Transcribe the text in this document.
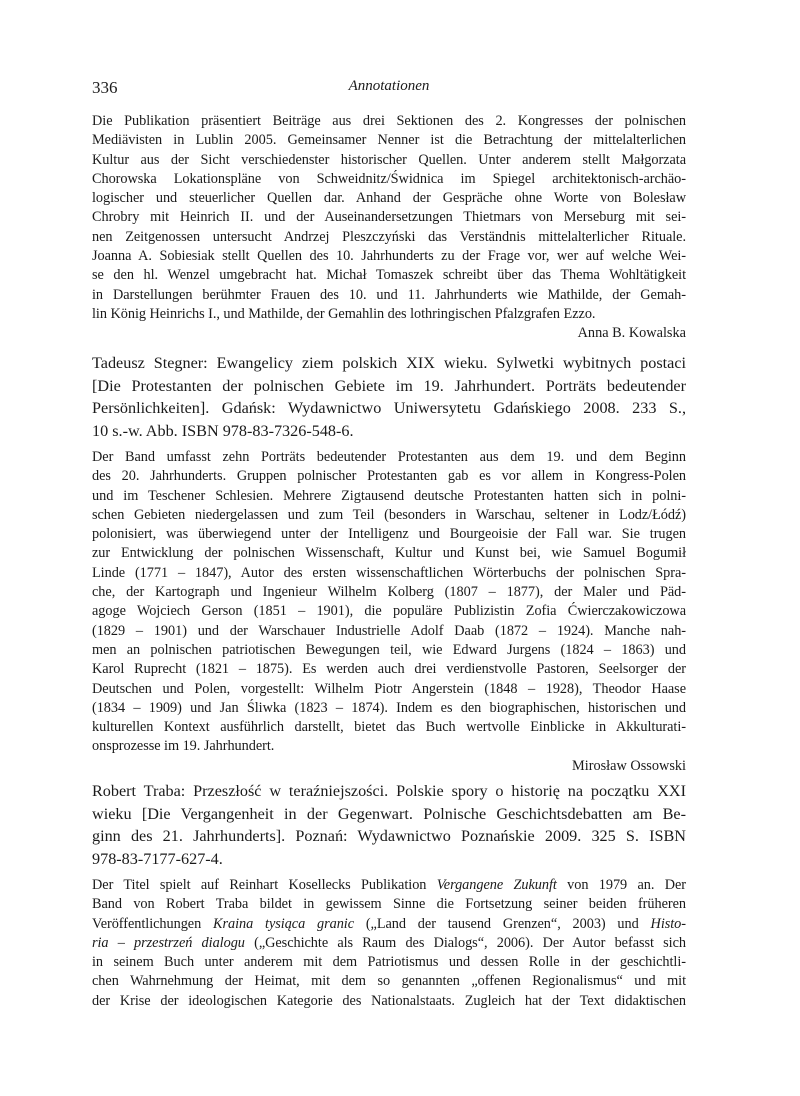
336	Annotationen

Die Publikation präsentiert Beiträge aus drei Sektionen des 2. Kongresses der polnischen
Mediävisten in Lublin 2005. Gemeinsamer Nenner ist die Betrachtung der mittelalterlichen
Kultur aus der Sicht verschiedenster historischer Quellen. Unter anderem stellt Małgorzata
Chorowska Lokationspläne von Schweidnitz/Świdnica im Spiegel architektonisch-archäo-
logischer und steuerlicher Quellen dar. Anhand der Gespräche ohne Worte von Bolesław
Chrobry mit Heinrich II. und der Auseinandersetzungen Thietmars von Merseburg mit sei-
nen Zeitgenossen untersucht Andrzej Pleszczyński das Verständnis mittelalterlicher Rituale.
Joanna A. Sobiesiak stellt Quellen des 10. Jahrhunderts zu der Frage vor, wer auf welche Wei-
se den hl. Wenzel umgebracht hat. Michał Tomaszek schreibt über das Thema Wohltätigkeit
in Darstellungen berühmter Frauen des 10. und 11. Jahrhunderts wie Mathilde, der Gemah-
lin König Heinrichs I., und Mathilde, der Gemahlin des lothringischen Pfalzgrafen Ezzo.

Anna B. Kowalska

Tadeusz Stegner: Ewangelicy ziem polskich XIX wieku. Sylwetki wybitnych postaci
[Die Protestanten der polnischen Gebiete im 19. Jahrhundert. Porträts bedeutender
Persönlichkeiten]. Gdańsk: Wydawnictwo Uniwersytetu Gdańskiego 2008. 233 S.,
10 s.-w. Abb. ISBN 978-83-7326-548-6.

Der Band umfasst zehn Porträts bedeutender Protestanten aus dem 19. und dem Beginn
des 20. Jahrhunderts. Gruppen polnischer Protestanten gab es vor allem in Kongress-Polen
und im Teschener Schlesien. Mehrere Zigtausend deutsche Protestanten hatten sich in polni-
schen Gebieten niedergelassen und zum Teil (besonders in Warschau, seltener in Lodz/Łódź)
polonisiert, was überwiegend unter der Intelligenz und Bourgeoisie der Fall war. Sie trugen
zur Entwicklung der polnischen Wissenschaft, Kultur und Kunst bei, wie Samuel Bogumił
Linde (1771 – 1847), Autor des ersten wissenschaftlichen Wörterbuchs der polnischen Spra-
che, der Kartograph und Ingenieur Wilhelm Kolberg (1807 – 1877), der Maler und Päd-
agoge Wojciech Gerson (1851 – 1901), die populäre Publizistin Zofia Ćwierczakowiczowa
(1829 – 1901) und der Warschauer Industrielle Adolf Daab (1872 – 1924). Manche nah-
men an polnischen patriotischen Bewegungen teil, wie Edward Jurgens (1824 – 1863) und
Karol Ruprecht (1821 – 1875). Es werden auch drei verdienstvolle Pastoren, Seelsorger der
Deutschen und Polen, vorgestellt: Wilhelm Piotr Angerstein (1848 – 1928), Theodor Haase
(1834 – 1909) und Jan Śliwka (1823 – 1874). Indem es den biographischen, historischen und
kulturellen Kontext ausführlich darstellt, bietet das Buch wertvolle Einblicke in Akkulturati-
onsprozesse im 19. Jahrhundert.

Mirosław Ossowski

Robert Traba: Przeszłość w teraźniejszości. Polskie spory o historię na początku XXI
wieku [Die Vergangenheit in der Gegenwart. Polnische Geschichtsdebatten am Be-
ginn des 21. Jahrhunderts]. Poznań: Wydawnictwo Poznańskie 2009. 325 S. ISBN
978-83-7177-627-4.

Der Titel spielt auf Reinhart Kosellecks Publikation Vergangene Zukunft von 1979 an. Der
Band von Robert Traba bildet in gewissem Sinne die Fortsetzung seiner beiden früheren
Veröffentlichungen Kraina tysiąca granic („Land der tausend Grenzen“, 2003) und Histo-
ria – przestrzeń dialogu („Geschichte als Raum des Dialogs“, 2006). Der Autor befasst sich
in seinem Buch unter anderem mit dem Patriotismus und dessen Rolle in der geschichtli-
chen Wahrnehmung der Heimat, mit dem so genannten „offenen Regionalismus“ und mit
der Krise der ideologischen Kategorie des Nationalstaats. Zugleich hat der Text didaktischen
